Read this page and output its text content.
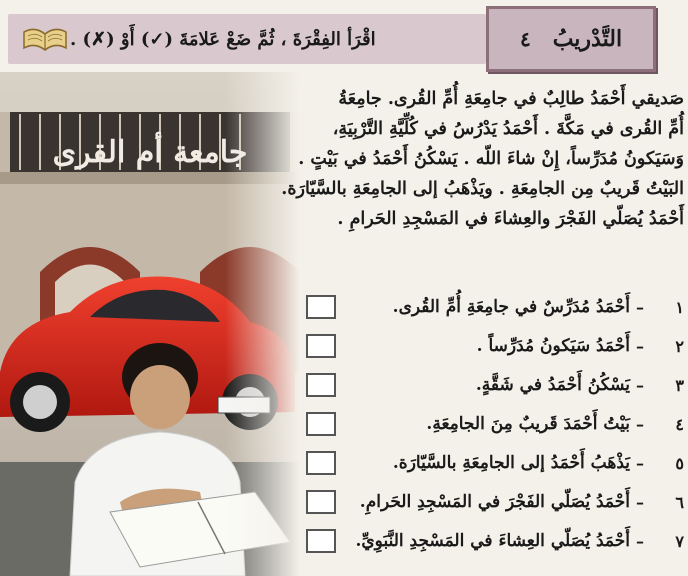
اقْرَأ الفِقْرَةَ ، ثُمَّ ضَعْ عَلامَةَ (✓) أَوْ (✗) .	التَّدْريبُ
٤
صَديقي أَحْمَدُ طالِبٌ في جامِعَةِ أُمِّ القُرى. جامِعَةُ
أُمِّ القُرى في مَكَّةَ . أَحْمَدُ يَدْرُسُ في كُلِّيَّةِ التَّرْبِيَةِ،
وَسَيَكونُ مُدَرِّساً، إِنْ شاءَ اللّه . يَسْكُنُ أَحْمَدُ في بَيْتٍ .
البَيْتُ قَريبٌ مِن الجامِعَةِ . ويَذْهَبُ إلى الجامِعَةِ بالسَّيّارَة.
أَحْمَدُ يُصَلّي الفَجْرَ والعِشاءَ في المَسْجِدِ الحَرامِ .
١
–
أَحْمَدُ مُدَرِّسٌ في جامِعَةِ أُمِّ القُرى.
٢
–
أَحْمَدُ سَيَكونُ مُدَرِّساً .
٣
–
يَسْكُنُ أَحْمَدُ في شَقَّةٍ.
٤
–
بَيْتُ أَحْمَدَ قَريبٌ مِنَ الجامِعَةِ.
٥
–
يَذْهَبُ أَحْمَدُ إلى الجامِعَةِ بالسَّيّارَة.
٦
–
أَحْمَدُ يُصَلّي الفَجْرَ في المَسْجِدِ الحَرامِ.
٧
–
أَحْمَدُ يُصَلّي العِشاءَ في المَسْجِدِ النَّبَوِيِّ.
